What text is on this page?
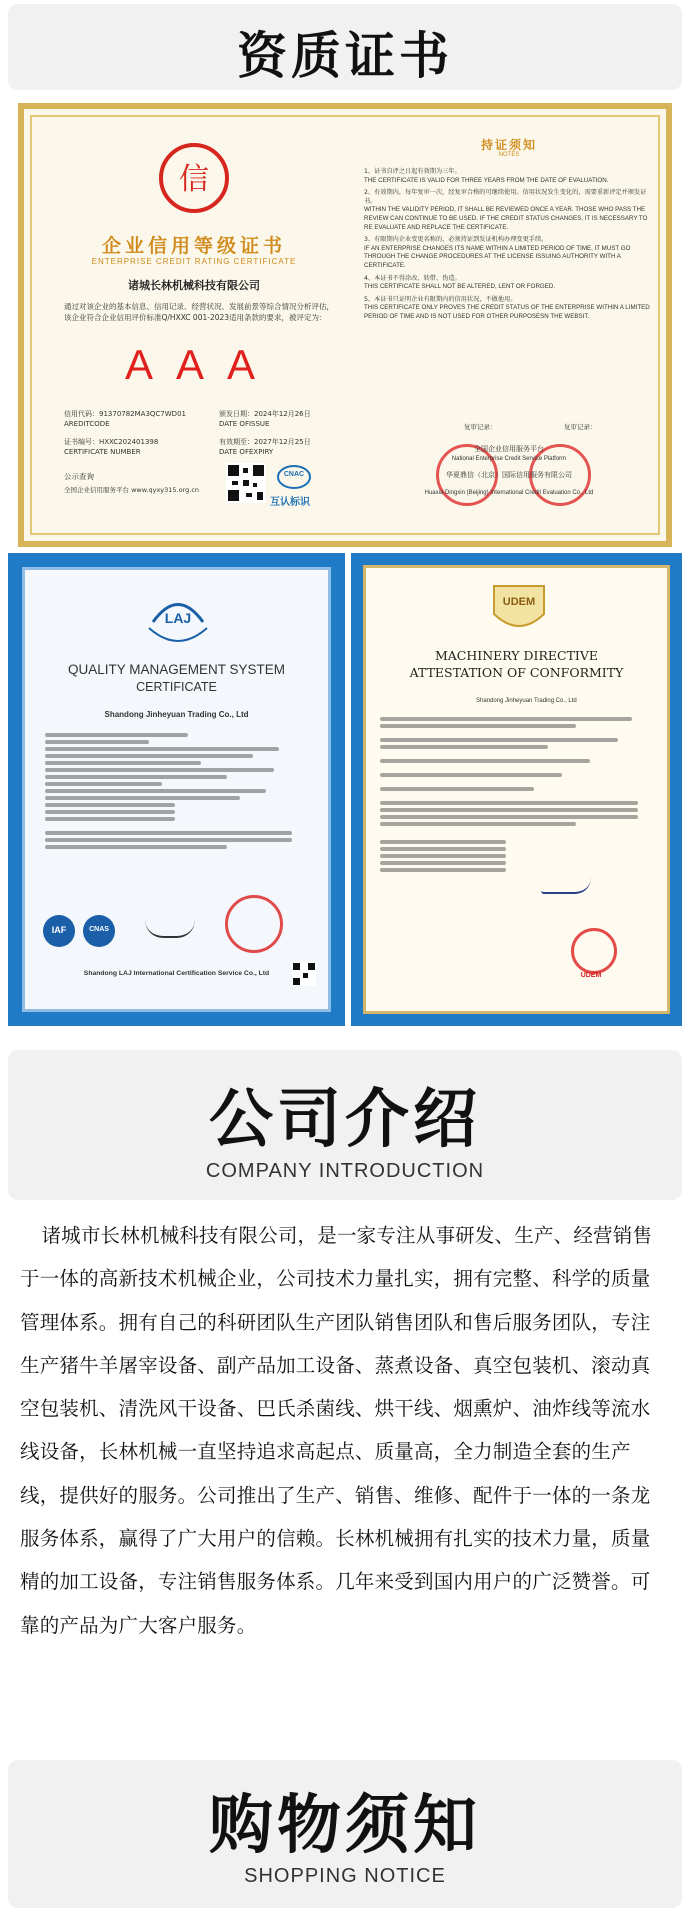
资质证书
信
企业信用等级证书
ENTERPRISE CREDIT RATING CERTIFICATE
诸城长林机械科技有限公司
通过对该企业的基本信息、信用记录、经营状况、发展前景等综合情况分析评估，该企业符合企业信用评价标准Q/HXXC 001-2023适用条款的要求，被评定为：
A A A
信用代码：91370782MA3QC7WD01
AREDITCODE
颁发日期：2024年12月26日
DATE OFISSUE
证书编号：HXXC202401398
CERTIFICATE NUMBER
有效期至：2027年12月25日
DATE OFEXPIRY
公示查询
全国企业信用服务平台 www.qyxy315.org.cn
CNAC
互认标识
持证须知
NOTES
1、证书自评之日起有效期为三年。
THE CERTIFICATE IS VALID FOR THREE YEARS FROM THE DATE OF EVALUATION.
2、有效期内，每年复审一次，经复审合格的可继续使用。信用状况发生变化的，需要重新评定并颁发证书。
WITHIN THE VALIDITY PERIOD, IT SHALL BE REVIEWED ONCE A YEAR. THOSE WHO PASS THE REVIEW CAN CONTINUE TO BE USED. IF THE CREDIT STATUS CHANGES, IT IS NECESSARY TO RE EVALUATE AND REPLACE THE CERTIFICATE.
3、有限期内企业变更名称的，必须持证到发证机构办理变更手续。
IF AN ENTERPRISE CHANGES ITS NAME WITHIN A LIMITED PERIOD OF TIME, IT MUST GO THROUGH THE CHANGE PROCEDURES AT THE LICENSE ISSUING AUTHORITY WITH A CERTIFICATE.
4、本证书不得涂改、转借、伪造。
THIS CERTIFICATE SHALL NOT BE ALTERED, LENT OR FORGED.
5、本证书只证明企业有限期内的信用状况，不做他用。
THIS CERTIFICATE ONLY PROVES THE CREDIT STATUS OF THE ENTERPRISE WITHIN A LIMITED PERIOD OF TIME AND IS NOT USED FOR OTHER PURPOSESN THE WEBSIT.
复审记录：	复审记录：
全国企业信用服务平台
National Enterprise Credit Service Platform
华夏鼎信（北京）国际信用服务有限公司
Huaxia Dingxin (Beijing) International Credit Evaluation Co., Ltd
LAJ
QUALITY MANAGEMENT SYSTEM
CERTIFICATE
Shandong Jinheyuan Trading Co., Ltd
IAF	CNAS
Shandong LAJ International Certification Service Co., Ltd
UDEM
MACHINERY DIRECTIVE
ATTESTATION OF CONFORMITY
Shandong Jinheyuan Trading Co., Ltd
UDEM
公司介绍
COMPANY INTRODUCTION

诸城市长林机械科技有限公司，是一家专注从事研发、生产、经营销售于一体的高新技术机械企业，公司技术力量扎实，拥有完整、科学的质量管理体系。拥有自己的科研团队生产团队销售团队和售后服务团队，专注生产猪牛羊屠宰设备、副产品加工设备、蒸煮设备、真空包装机、滚动真空包装机、清洗风干设备、巴氏杀菌线、烘干线、烟熏炉、油炸线等流水线设备，长林机械一直坚持追求高起点、质量高，全力制造全套的生产线，提供好的服务。公司推出了生产、销售、维修、配件于一体的一条龙服务体系，赢得了广大用户的信赖。长林机械拥有扎实的技术力量，质量精的加工设备，专注销售服务体系。几年来受到国内用户的广泛赞誉。可靠的产品为广大客户服务。

购物须知
SHOPPING NOTICE
